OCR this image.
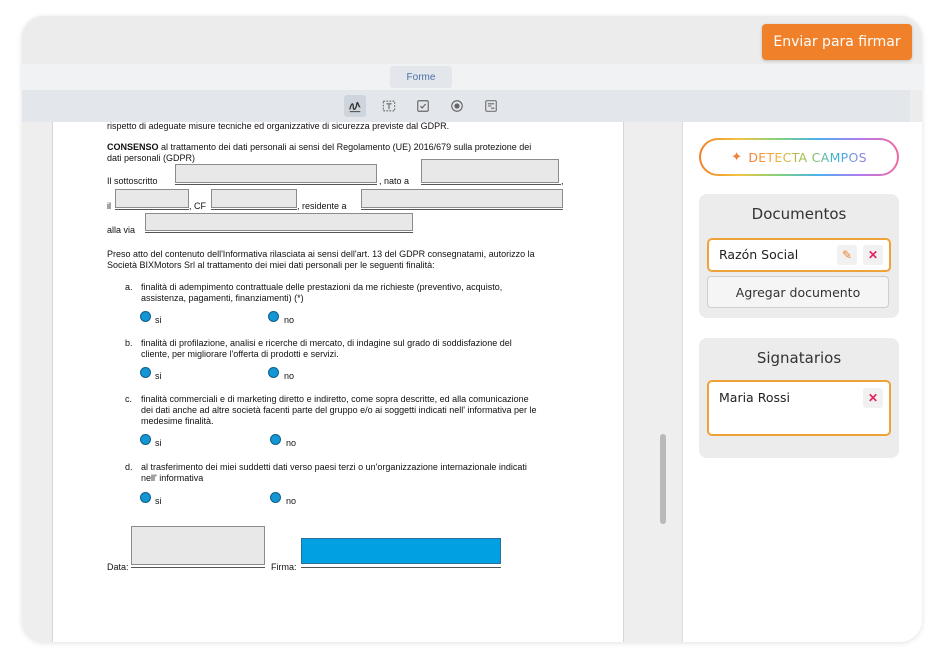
Enviar para firmar
Forme
rispetto di adeguate misure tecniche ed organizzative di sicurezza previste dal GDPR.
CONSENSO al trattamento dei dati personali ai sensi del Regolamento (UE) 2016/679 sulla protezione dei
dati personali (GDPR)
Il sottoscritto	, nato a	,
il	, CF	, residente a
alla via
Preso atto del contenuto dell'Informativa rilasciata ai sensi dell'art. 13 del GDPR consegnatami, autorizzo la
Società BIXMotors Srl al trattamento dei miei dati personali per le seguenti finalità:
a. finalità di adempimento contrattuale delle prestazioni da me richieste (preventivo, acquisto,
assistenza, pagamenti, finanziamenti) (*)
si	no
b. finalità di profilazione, analisi e ricerche di mercato, di indagine sul grado di soddisfazione del
cliente, per migliorare l'offerta di prodotti e servizi.
si	no
c. finalità commerciali e di marketing diretto e indiretto, come sopra descritte, ed alla comunicazione
dei dati anche ad altre società facenti parte del gruppo e/o ai soggetti indicati nell' informativa per le
medesime finalità.
si	no
d. al trasferimento dei miei suddetti dati verso paesi terzi o un'organizzazione internazionale indicati
nell' informativa
si	no
Data:	Firma:
✦ DETECTA CAMPOS
Documentos
Razón Social	✎	✕
Agregar documento
Signatarios
Maria Rossi	✕
